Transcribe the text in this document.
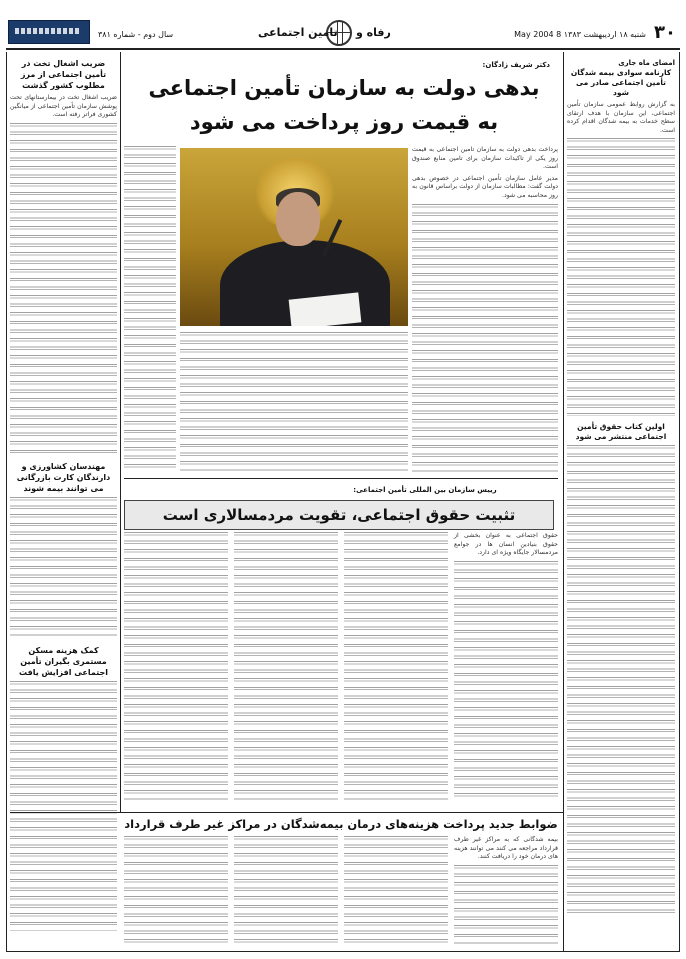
۳۰
شنبه ۱۸ اردیبهشت ۱۳۸۳ 8 May 2004
رفاه و
تامین اجتماعی
سال دوم - شماره ۳۸۱
امضای ماه جاری
کارنامه سوادی بیمه شدگان تأمین اجتماعی صادر می شود

به گزارش روابط عمومی سازمان تأمین اجتماعی، این سازمان با هدف ارتقای سطح خدمات به بیمه شدگان اقدام کرده است.

اولین کتاب حقوق تأمین اجتماعی منتشر می شود
ضریب اشغال تخت در تأمین اجتماعی از مرز مطلوب کشور گذشت

ضریب اشغال تخت در بیمارستانهای تحت پوشش سازمان تأمین اجتماعی از میانگین کشوری فراتر رفته است.

مهندسان کشاورزی و دارندگان کارت بازرگانی می توانند بیمه شوند
کمک هزینه مسکن مستمری بگیران تأمین اجتماعی افزایش یافت
دکتر شریف زادگان:
بدهی دولت به سازمان تأمین اجتماعی
به قیمت روز پرداخت می شود

پرداخت بدهی دولت به سازمان تأمین اجتماعی به قیمت روز یکی از تاکیدات سازمان برای تامین منابع صندوق است.

مدیر عامل سازمان تأمین اجتماعی در خصوص بدهی دولت گفت: مطالبات سازمان از دولت براساس قانون به روز محاسبه می شود.

رییس سازمان بین المللی تأمین اجتماعی:
تثبیت حقوق اجتماعی، تقویت مردمسالاری است

حقوق اجتماعی به عنوان بخشی از حقوق بنیادین انسان ها در جوامع مردمسالار جایگاه ویژه ای دارد.

ضوابط جدید پرداخت هزینه‌های درمان بیمه‌شدگان در مراکز غیر طرف قرارداد

بیمه شدگانی که به مراکز غیر طرف قرارداد مراجعه می کنند می توانند هزینه های درمان خود را دریافت کنند.
